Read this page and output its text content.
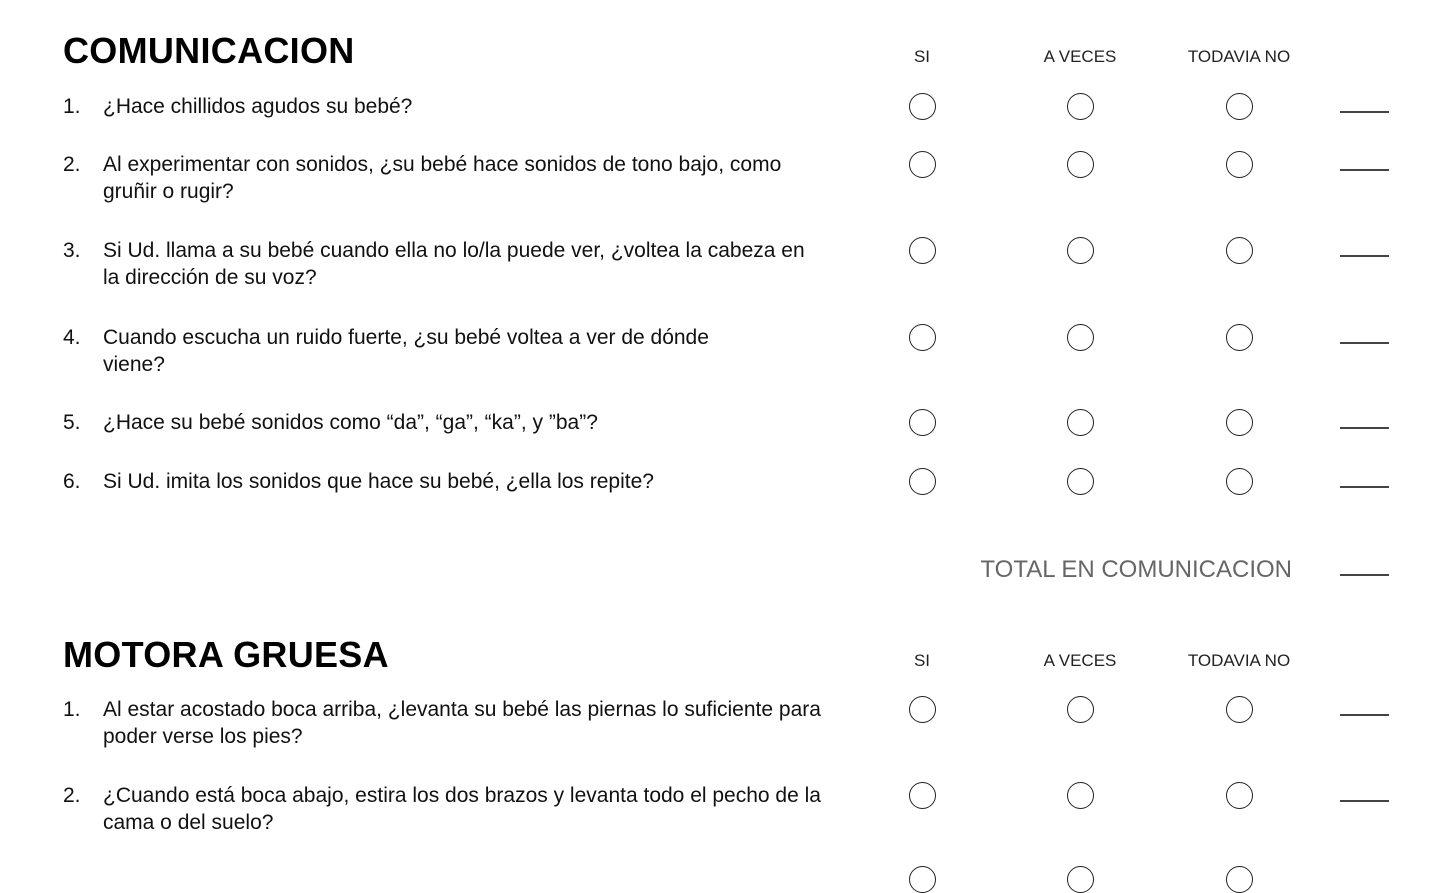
COMUNICACION	SI	A VECES	TODAVIA NO
1. ¿Hace chillidos agudos su bebé?
2. Al experimentar con sonidos, ¿su bebé hace sonidos de tono bajo, como gruñir o rugir?
3. Si Ud. llama a su bebé cuando ella no lo/la puede ver, ¿voltea la cabeza en la dirección de su voz?
4. Cuando escucha un ruido fuerte, ¿su bebé voltea a ver de dónde viene?
5. ¿Hace su bebé sonidos como “da”, “ga”, “ka”, y ”ba”?
6. Si Ud. imita los sonidos que hace su bebé, ¿ella los repite?
TOTAL EN COMUNICACION
MOTORA GRUESA	SI	A VECES	TODAVIA NO
1. Al estar acostado boca arriba, ¿levanta su bebé las piernas lo suficiente para poder verse los pies?
2. ¿Cuando está boca abajo, estira los dos brazos y levanta todo el pecho de la cama o del suelo?
